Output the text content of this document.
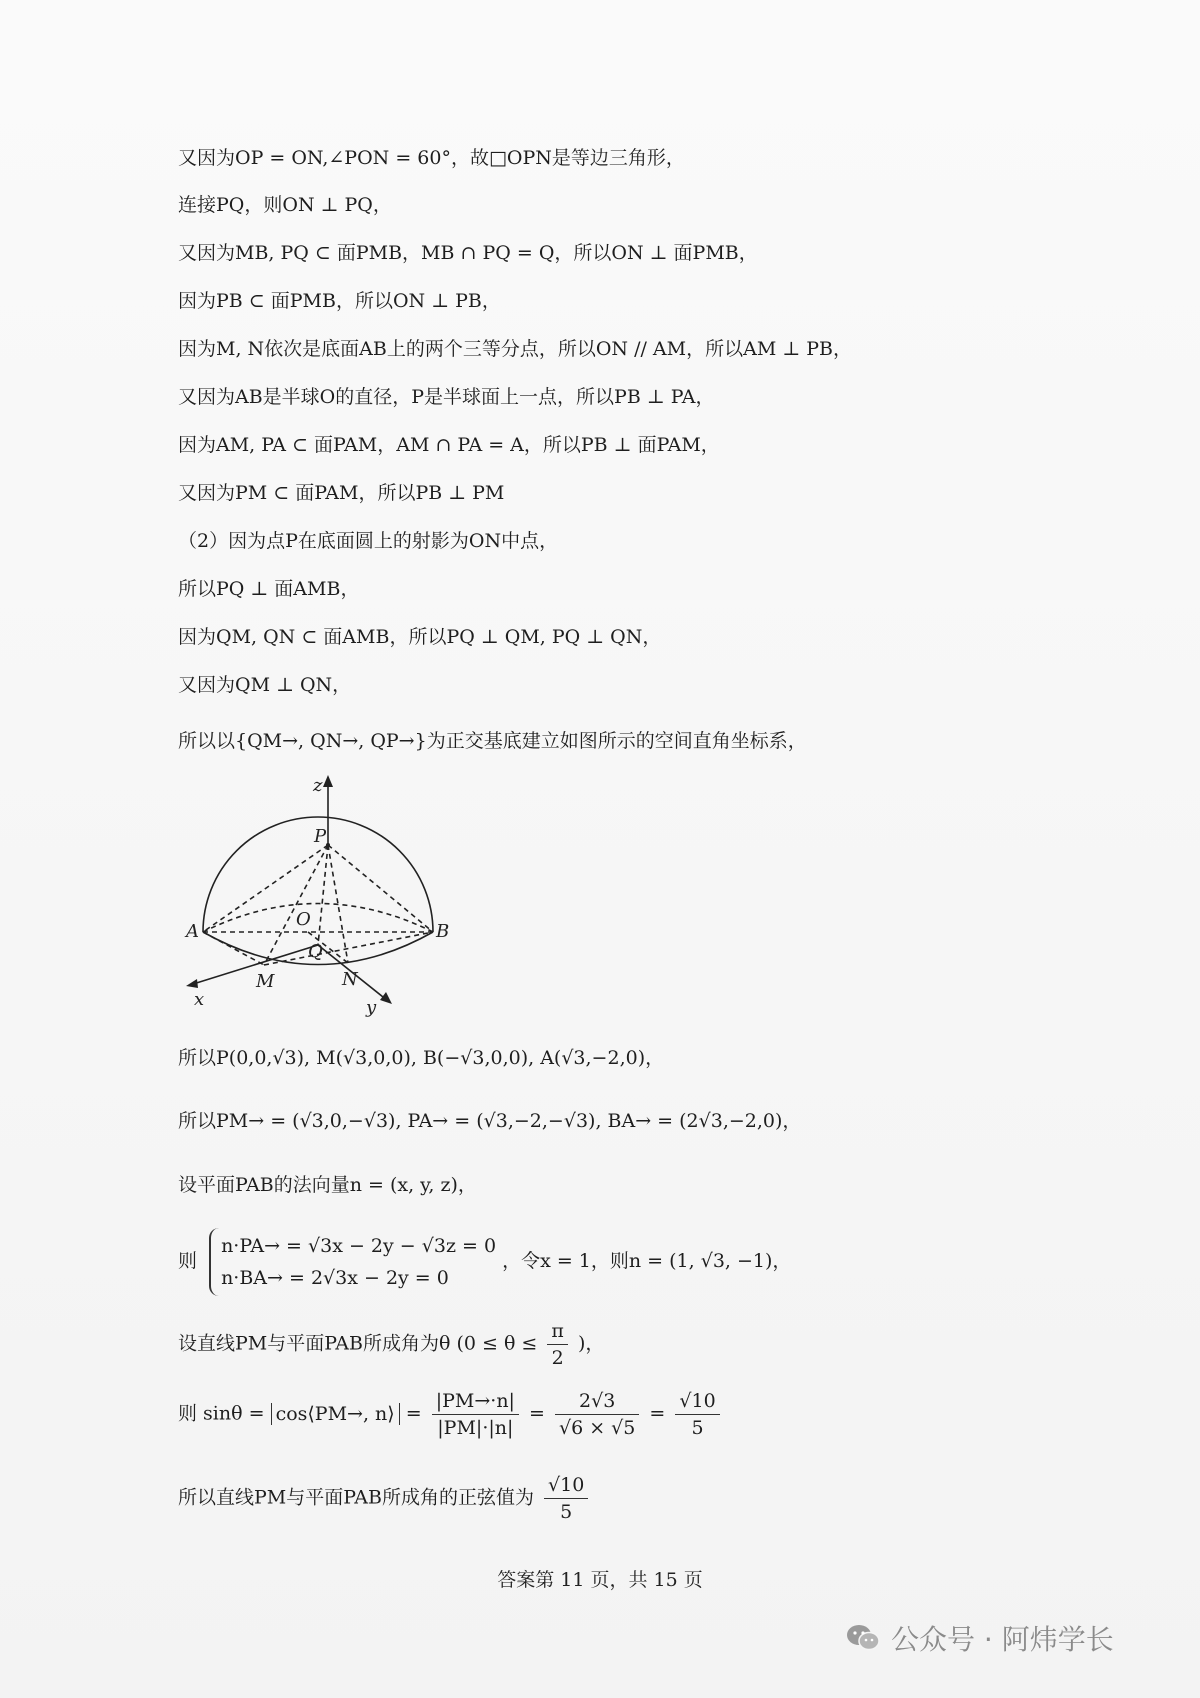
又因为OP = ON,∠PON = 60°，故□OPN是等边三角形，
连接PQ，则ON ⊥ PQ，
又因为MB, PQ ⊂ 面PMB，MB ∩ PQ = Q，所以ON ⊥ 面PMB，
因为PB ⊂ 面PMB，所以ON ⊥ PB，
因为M, N依次是底面AB上的两个三等分点，所以ON // AM，所以AM ⊥ PB，
又因为AB是半球O的直径，P是半球面上一点，所以PB ⊥ PA，
因为AM, PA ⊂ 面PAM，AM ∩ PA = A，所以PB ⊥ 面PAM，
又因为PM ⊂ 面PAM，所以PB ⊥ PM
（2）因为点P在底面圆上的射影为ON中点，
所以PQ ⊥ 面AMB，
因为QM, QN ⊂ 面AMB，所以PQ ⊥ QM, PQ ⊥ QN，
又因为QM ⊥ QN，
所以以{QM→, QN→, QP→}为正交基底建立如图所示的空间直角坐标系，
z
P
O
A	B
Q
x
M	N
y
所以P(0,0,√3), M(√3,0,0), B(−√3,0,0), A(√3,−2,0)，
所以PM→ = (√3,0,−√3), PA→ = (√3,−2,−√3), BA→ = (2√3,−2,0)，
设平面PAB的法向量n = (x, y, z)，
则
n·PA→ = √3x − 2y − √3z = 0
n·BA→ = 2√3x − 2y = 0
，令x = 1，则n = (1, √3, −1)，
设直线PM与平面PAB所成角为θ ($0 \le \theta \le \frac{\pi}{2}$ )，
则 sinθ = cos⟨PM→, n⟩ = $\frac{|PM\to\cdot n|}{|PM|\cdot|n|} = \frac{2√3}{√6 \times √5} = \frac{√10}{5}$
所以直线PM与平面PAB所成角的正弦值为 $\frac{√10}{5}$
答案第 11 页，共 15 页
公众号 · 阿炜学长
